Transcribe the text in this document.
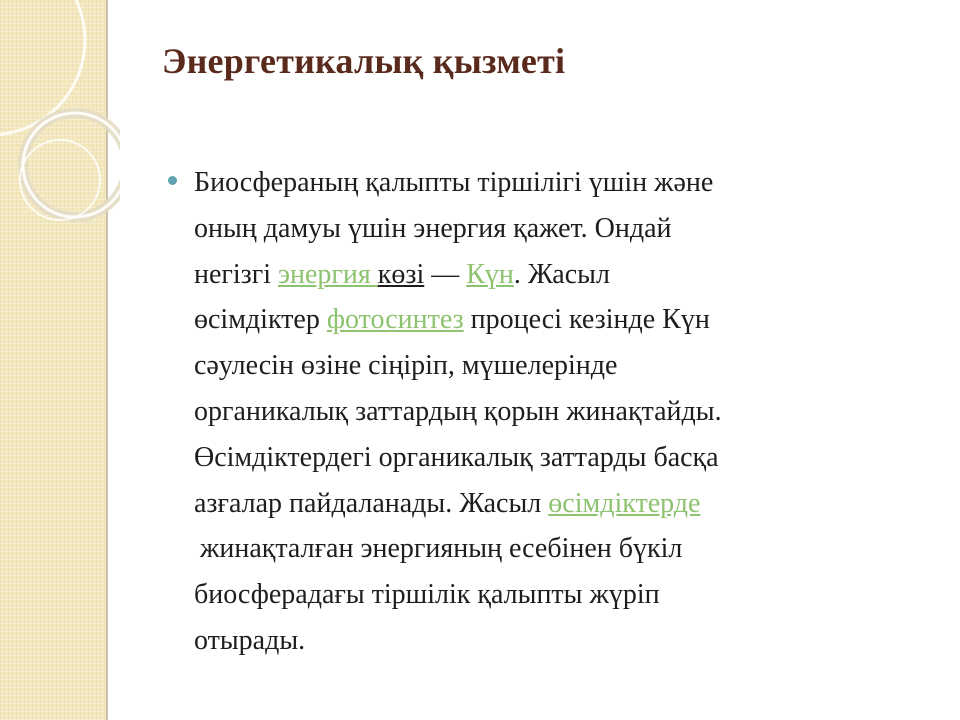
Энергетикалық қызметі
Биосфераның қалыпты тіршілігі үшін және
оның дамуы үшін энергия қажет. Ондай
негізгі энергия көзі — Күн. Жасыл
өсімдіктер фотосинтез процесі кезінде Күн
сәулесін өзіне сіңіріп, мүшелерінде
органикалық заттардың қорын жинақтайды.
Өсімдіктердегі органикалық заттарды басқа
азғалар пайдаланады. Жасыл өсімдіктерде
жинақталған энергияның есебінен бүкіл
биосферадағы тіршілік қалыпты жүріп
отырады.
